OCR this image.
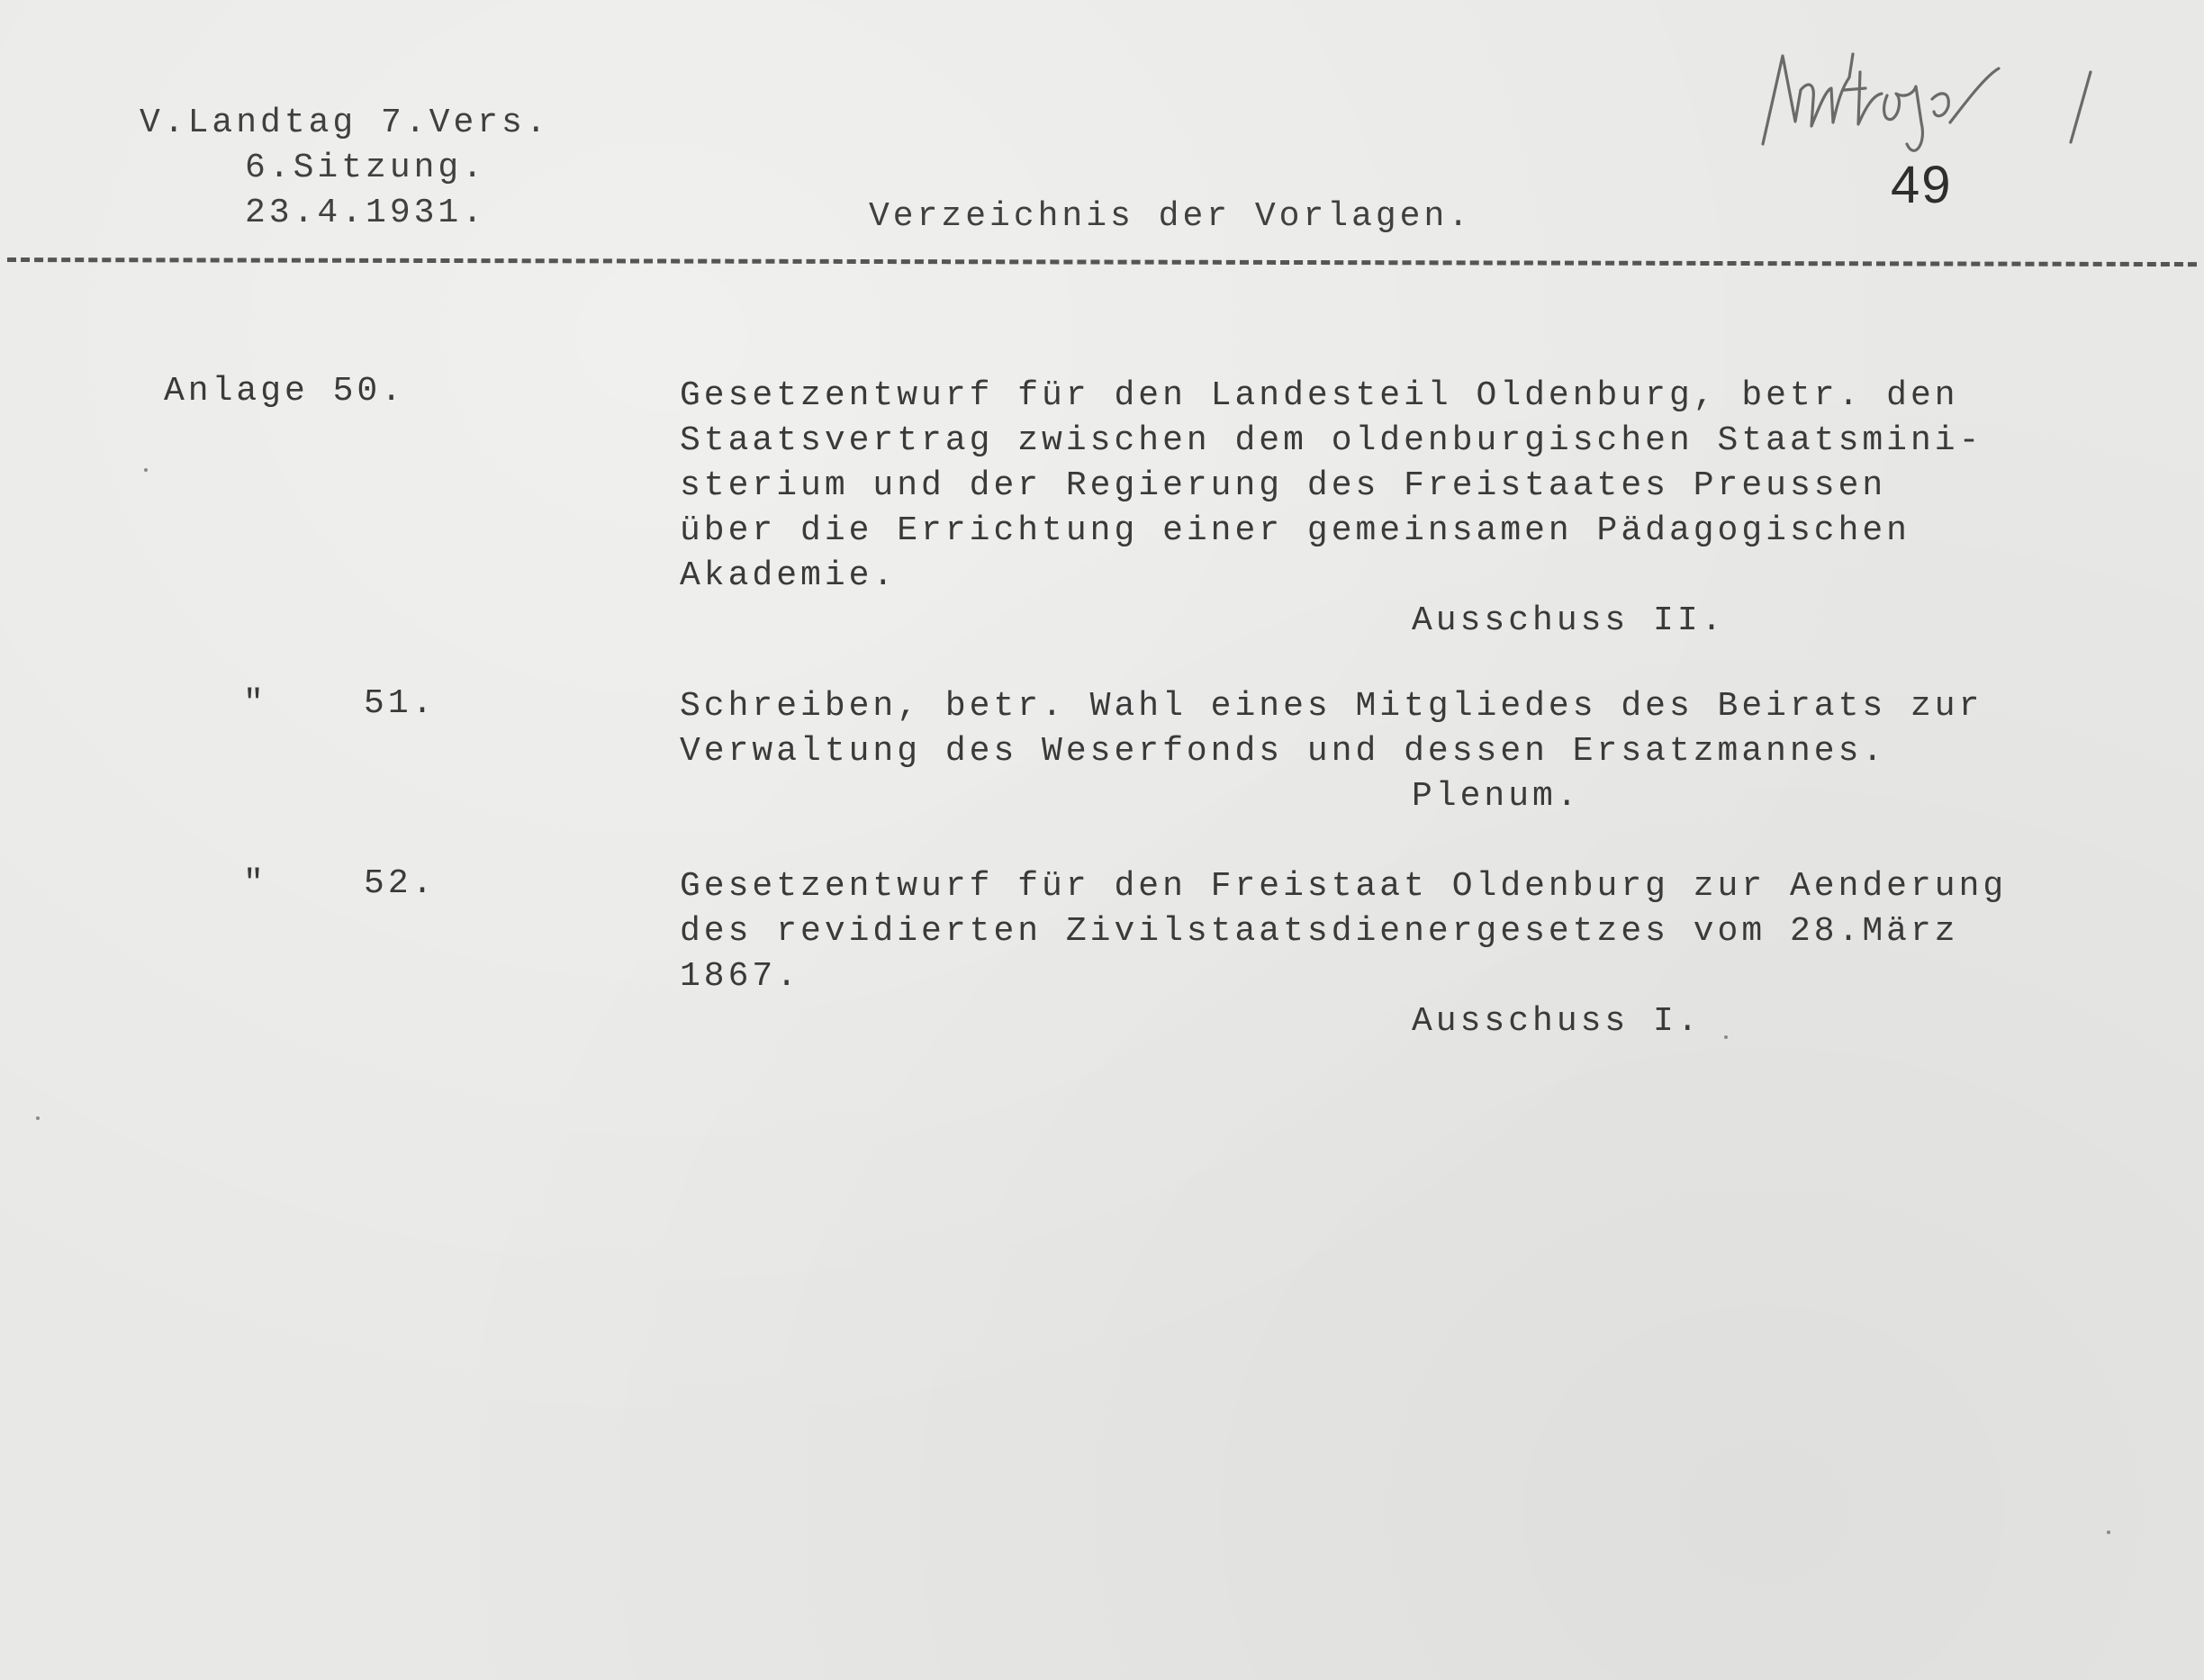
V.Landtag 7.Vers.
6.Sitzung.
23.4.1931.	Verzeichnis der Vorlagen.
49
Anlage 50.	Gesetzentwurf für den Landesteil Oldenburg, betr. den
Staatsvertrag zwischen dem oldenburgischen Staatsmini-
sterium und der Regierung des Freistaates Preussen
über die Errichtung einer gemeinsamen Pädagogischen
Akademie.
Ausschuss II.
"    51.	Schreiben, betr. Wahl eines Mitgliedes des Beirats zur
Verwaltung des Weserfonds und dessen Ersatzmannes.
Plenum.
"    52.	Gesetzentwurf für den Freistaat Oldenburg zur Aenderung
des revidierten Zivilstaatsdienergesetzes vom 28.März
1867.
Ausschuss I.
